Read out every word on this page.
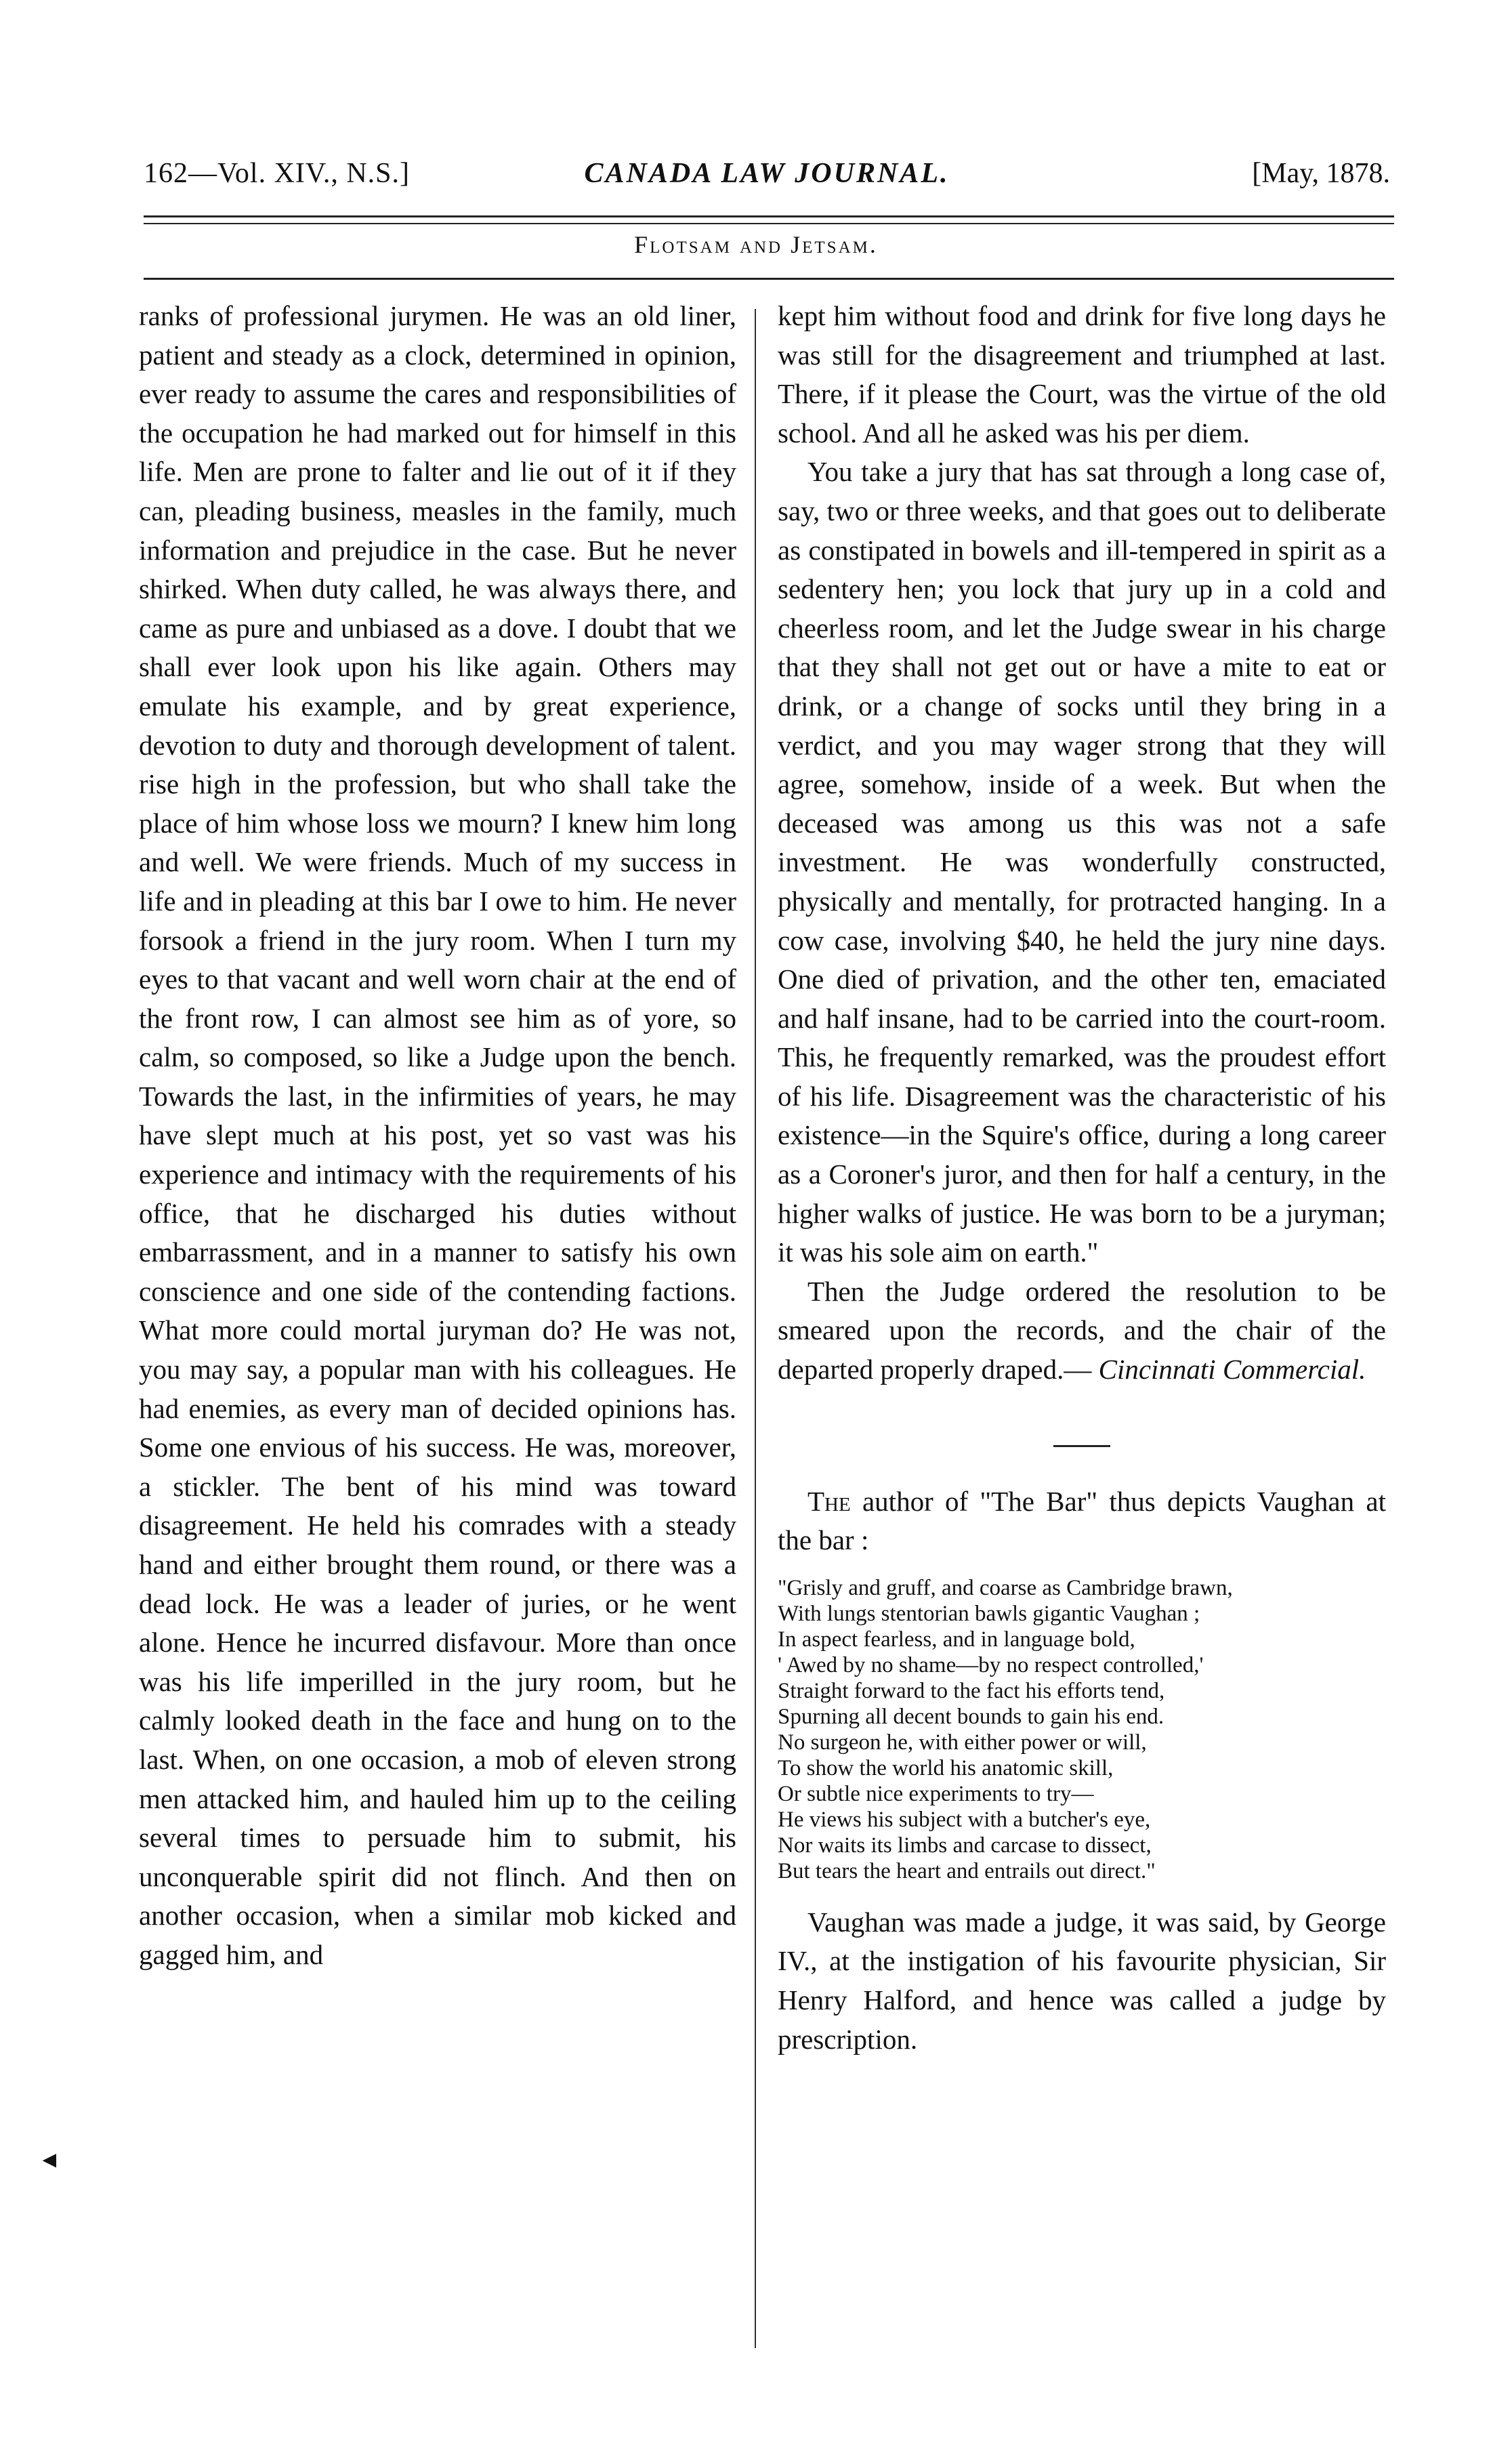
162—Vol. XIV., N.S.]	CANADA LAW JOURNAL.	[May, 1878.
Flotsam and Jetsam.

ranks of professional jurymen. He was an old liner, patient and steady as a clock, determined in opinion, ever ready to assume the cares and responsibilities of the occupation he had marked out for himself in this life. Men are prone to falter and lie out of it if they can, pleading business, measles in the family, much information and prejudice in the case. But he never shirked. When duty called, he was always there, and came as pure and unbiased as a dove. I doubt that we shall ever look upon his like again. Others may emulate his example, and by great experience, devotion to duty and thorough development of talent. rise high in the profession, but who shall take the place of him whose loss we mourn? I knew him long and well. We were friends. Much of my success in life and in pleading at this bar I owe to him. He never forsook a friend in the jury room. When I turn my eyes to that vacant and well worn chair at the end of the front row, I can almost see him as of yore, so calm, so composed, so like a Judge upon the bench. Towards the last, in the infirmities of years, he may have slept much at his post, yet so vast was his experience and intimacy with the requirements of his office, that he discharged his duties without embarrassment, and in a manner to satisfy his own conscience and one side of the contending factions. What more could mortal juryman do? He was not, you may say, a popular man with his colleagues. He had enemies, as every man of decided opinions has. Some one envious of his success. He was, moreover, a stickler. The bent of his mind was toward disagreement. He held his comrades with a steady hand and either brought them round, or there was a dead lock. He was a leader of juries, or he went alone. Hence he incurred disfavour. More than once was his life imperilled in the jury room, but he calmly looked death in the face and hung on to the last. When, on one occasion, a mob of eleven strong men attacked him, and hauled him up to the ceiling several times to persuade him to submit, his unconquerable spirit did not flinch. And then on another occasion, when a similar mob kicked and gagged him, and

kept him without food and drink for five long days he was still for the disagreement and triumphed at last. There, if it please the Court, was the virtue of the old school. And all he asked was his per diem.

You take a jury that has sat through a long case of, say, two or three weeks, and that goes out to deliberate as constipated in bowels and ill-tempered in spirit as a sedentery hen; you lock that jury up in a cold and cheerless room, and let the Judge swear in his charge that they shall not get out or have a mite to eat or drink, or a change of socks until they bring in a verdict, and you may wager strong that they will agree, somehow, inside of a week. But when the deceased was among us this was not a safe investment. He was wonderfully constructed, physically and mentally, for protracted hanging. In a cow case, involving $40, he held the jury nine days. One died of privation, and the other ten, emaciated and half insane, had to be carried into the court-room. This, he frequently remarked, was the proudest effort of his life. Disagreement was the characteristic of his existence—in the Squire's office, during a long career as a Coroner's juror, and then for half a century, in the higher walks of justice. He was born to be a juryman; it was his sole aim on earth."

Then the Judge ordered the resolution to be smeared upon the records, and the chair of the departed properly draped.— Cincinnati Commercial.

The author of "The Bar" thus depicts Vaughan at the bar :

"Grisly and gruff, and coarse as Cambridge brawn,
With lungs stentorian bawls gigantic Vaughan ;
In aspect fearless, and in language bold,
' Awed by no shame—by no respect controlled,'
Straight forward to the fact his efforts tend,
Spurning all decent bounds to gain his end.
No surgeon he, with either power or will,
To show the world his anatomic skill,
Or subtle nice experiments to try—
He views his subject with a butcher's eye,
Nor waits its limbs and carcase to dissect,
But tears the heart and entrails out direct."

Vaughan was made a judge, it was said, by George IV., at the instigation of his favourite physician, Sir Henry Halford, and hence was called a judge by prescription.

◄
